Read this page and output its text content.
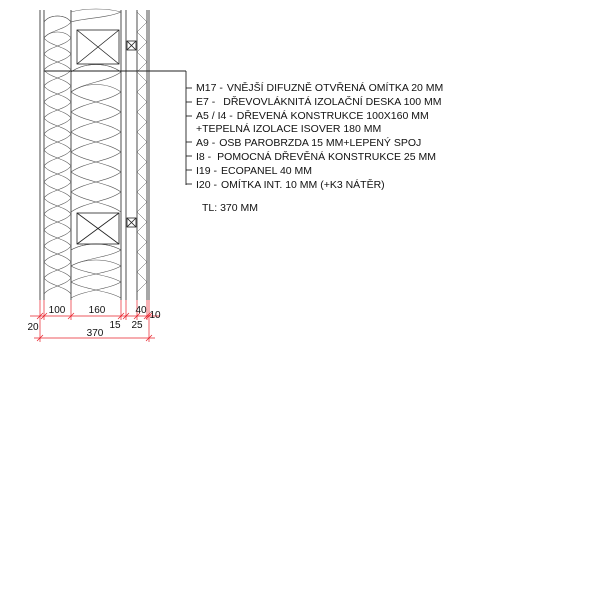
M17 - VNĚJŠÍ DIFUZNĚ OTVŘENÁ OMÍTKA 20 MM
E7 - DŘEVOVLÁKNITÁ IZOLAČNÍ DESKA 100 MM
A5 / I4 - DŘEVENÁ KONSTRUKCE 100X160 MM
+TEPELNÁ IZOLACE ISOVER 180 MM
A9 - OSB PAROBRZDA 15 MM+LEPENÝ SPOJ
I8 - POMOCNÁ DŘEVĚNÁ KONSTRUKCE 25 MM
I19 - ECOPANEL 40 MM
I20 - OMÍTKA INT. 10 MM (+K3 NÁTĚR)
TL: 370 MM
100 160	40
20	15 25
10
370
